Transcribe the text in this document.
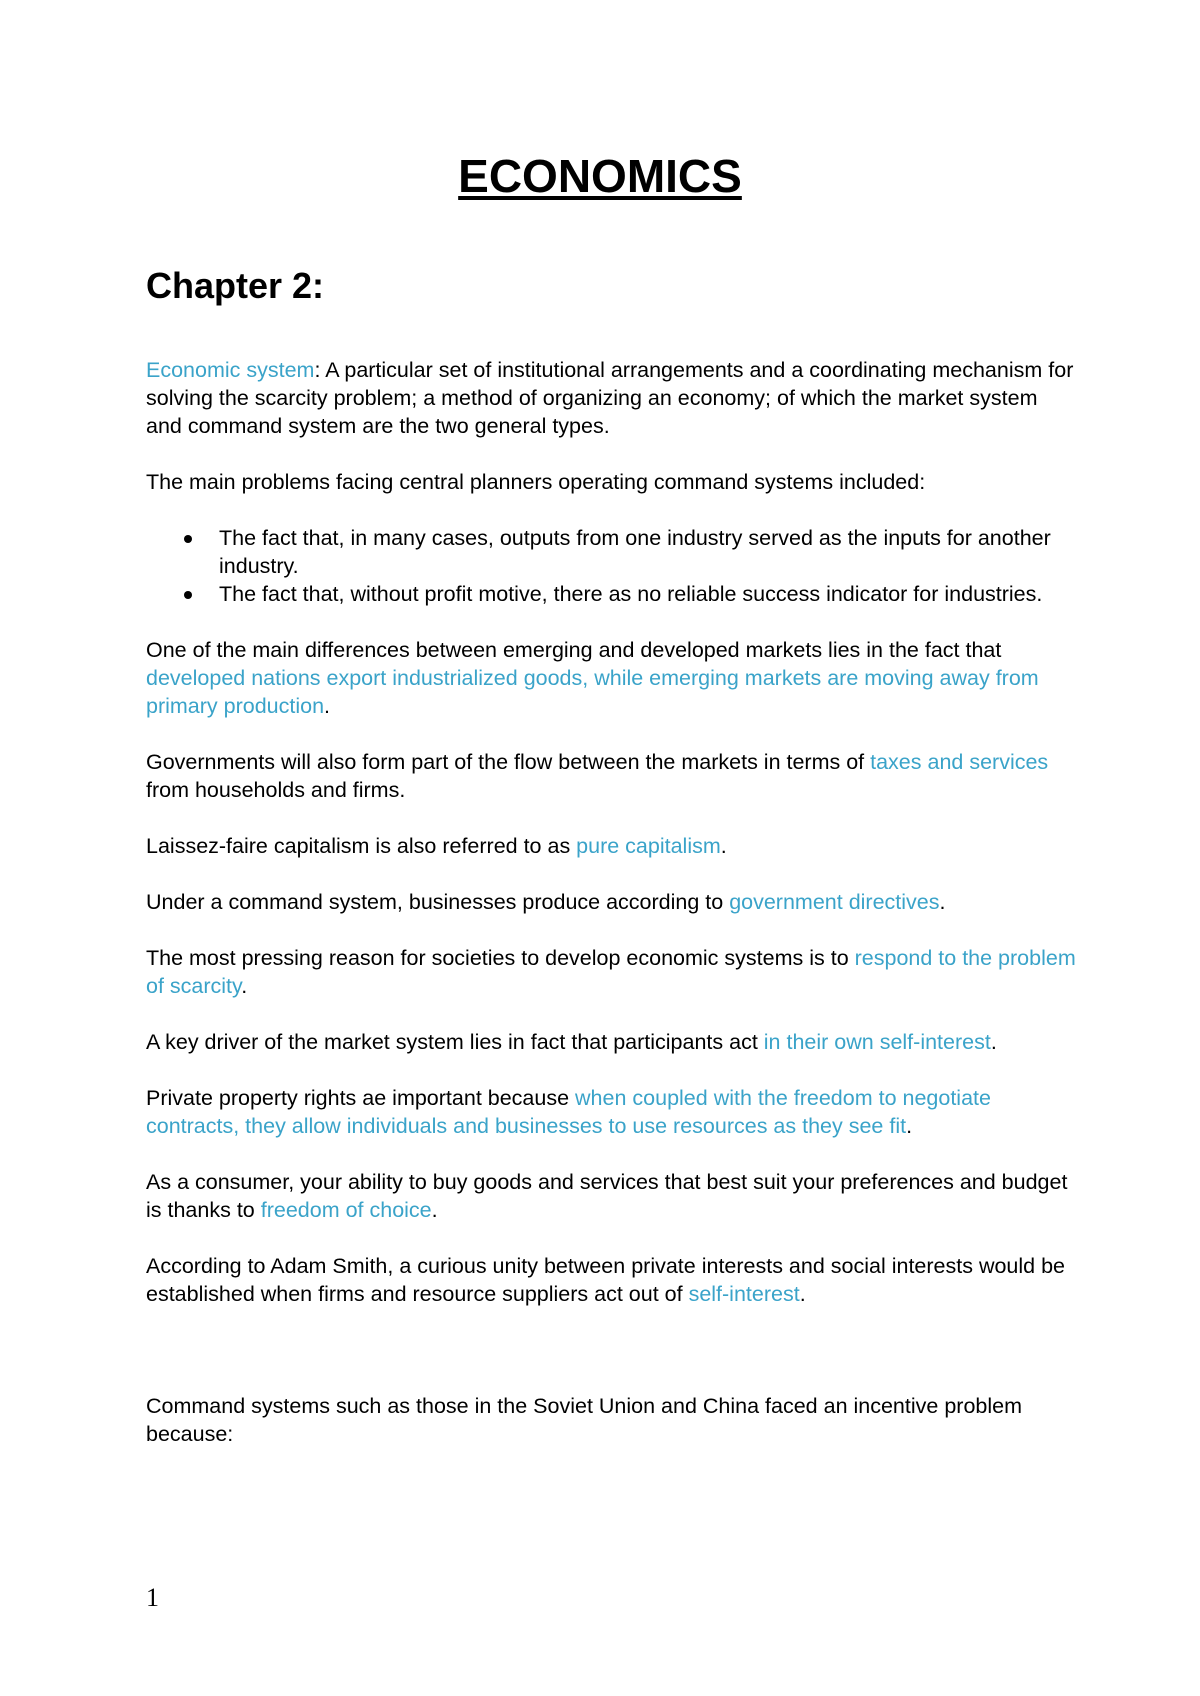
ECONOMICS
Chapter 2:

Economic system: A particular set of institutional arrangements and a coordinating mechanism for solving the scarcity problem; a method of organizing an economy; of which the market system and command system are the two general types.

The main problems facing central planners operating command systems included:

The fact that, in many cases, outputs from one industry served as the inputs for another industry.
The fact that, without profit motive, there as no reliable success indicator for industries.

One of the main differences between emerging and developed markets lies in the fact that developed nations export industrialized goods, while emerging markets are moving away from primary production.

Governments will also form part of the flow between the markets in terms of taxes and services from households and firms.

Laissez-faire capitalism is also referred to as pure capitalism.

Under a command system, businesses produce according to government directives.

The most pressing reason for societies to develop economic systems is to respond to the problem of scarcity.

A key driver of the market system lies in fact that participants act in their own self-interest.

Private property rights ae important because when coupled with the freedom to negotiate contracts, they allow individuals and businesses to use resources as they see fit.

As a consumer, your ability to buy goods and services that best suit your preferences and budget is thanks to freedom of choice.

According to Adam Smith, a curious unity between private interests and social interests would be established when firms and resource suppliers act out of self-interest.

Command systems such as those in the Soviet Union and China faced an incentive problem because:

1
